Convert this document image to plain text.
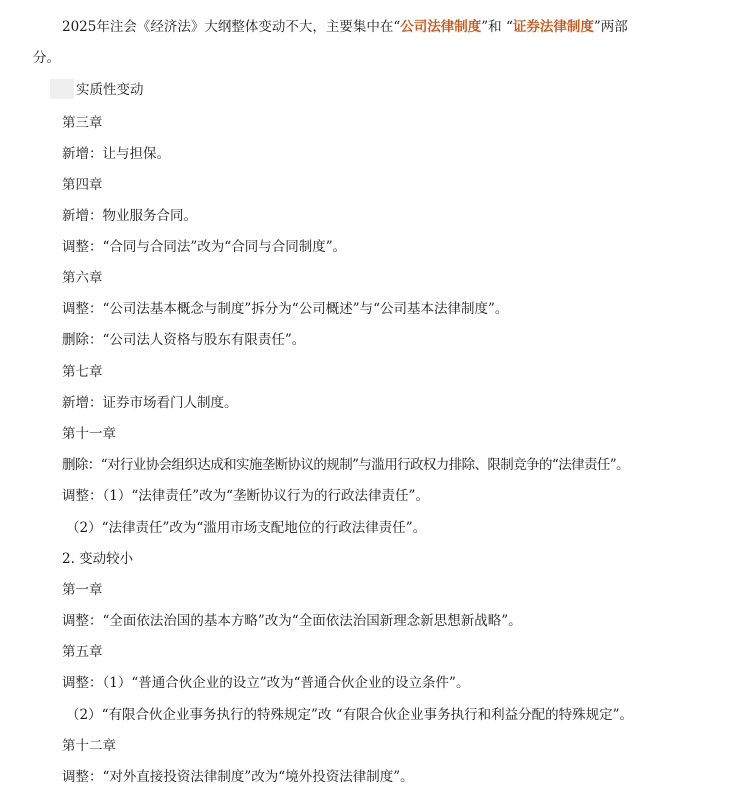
2025年注会《经济法》大纲整体变动不大，主要集中在“公司法律制度”和 “证券法律制度”两部
分。
实质性变动
第三章
新增：让与担保。
第四章
新增：物业服务合同。
调整：“合同与合同法”改为“合同与合同制度”。
第六章
调整：“公司法基本概念与制度”拆分为“公司概述”与“公司基本法律制度”。
删除：“公司法人资格与股东有限责任”。
第七章
新增：证券市场看门人制度。
第十一章
删除：“对行业协会组织达成和实施垄断协议的规制”与滥用行政权力排除、限制竞争的“法律责任”。
调整：（1）“法律责任”改为“垄断协议行为的行政法律责任”。
（2）“法律责任”改为“滥用市场支配地位的行政法律责任”。
2. 变动较小
第一章
调整：“全面依法治国的基本方略”改为“全面依法治国新理念新思想新战略”。
第五章
调整：（1）“普通合伙企业的设立”改为“普通合伙企业的设立条件”。
（2）“有限合伙企业事务执行的特殊规定”改 “有限合伙企业事务执行和利益分配的特殊规定”。
第十二章
调整：“对外直接投资法律制度”改为“境外投资法律制度”。
